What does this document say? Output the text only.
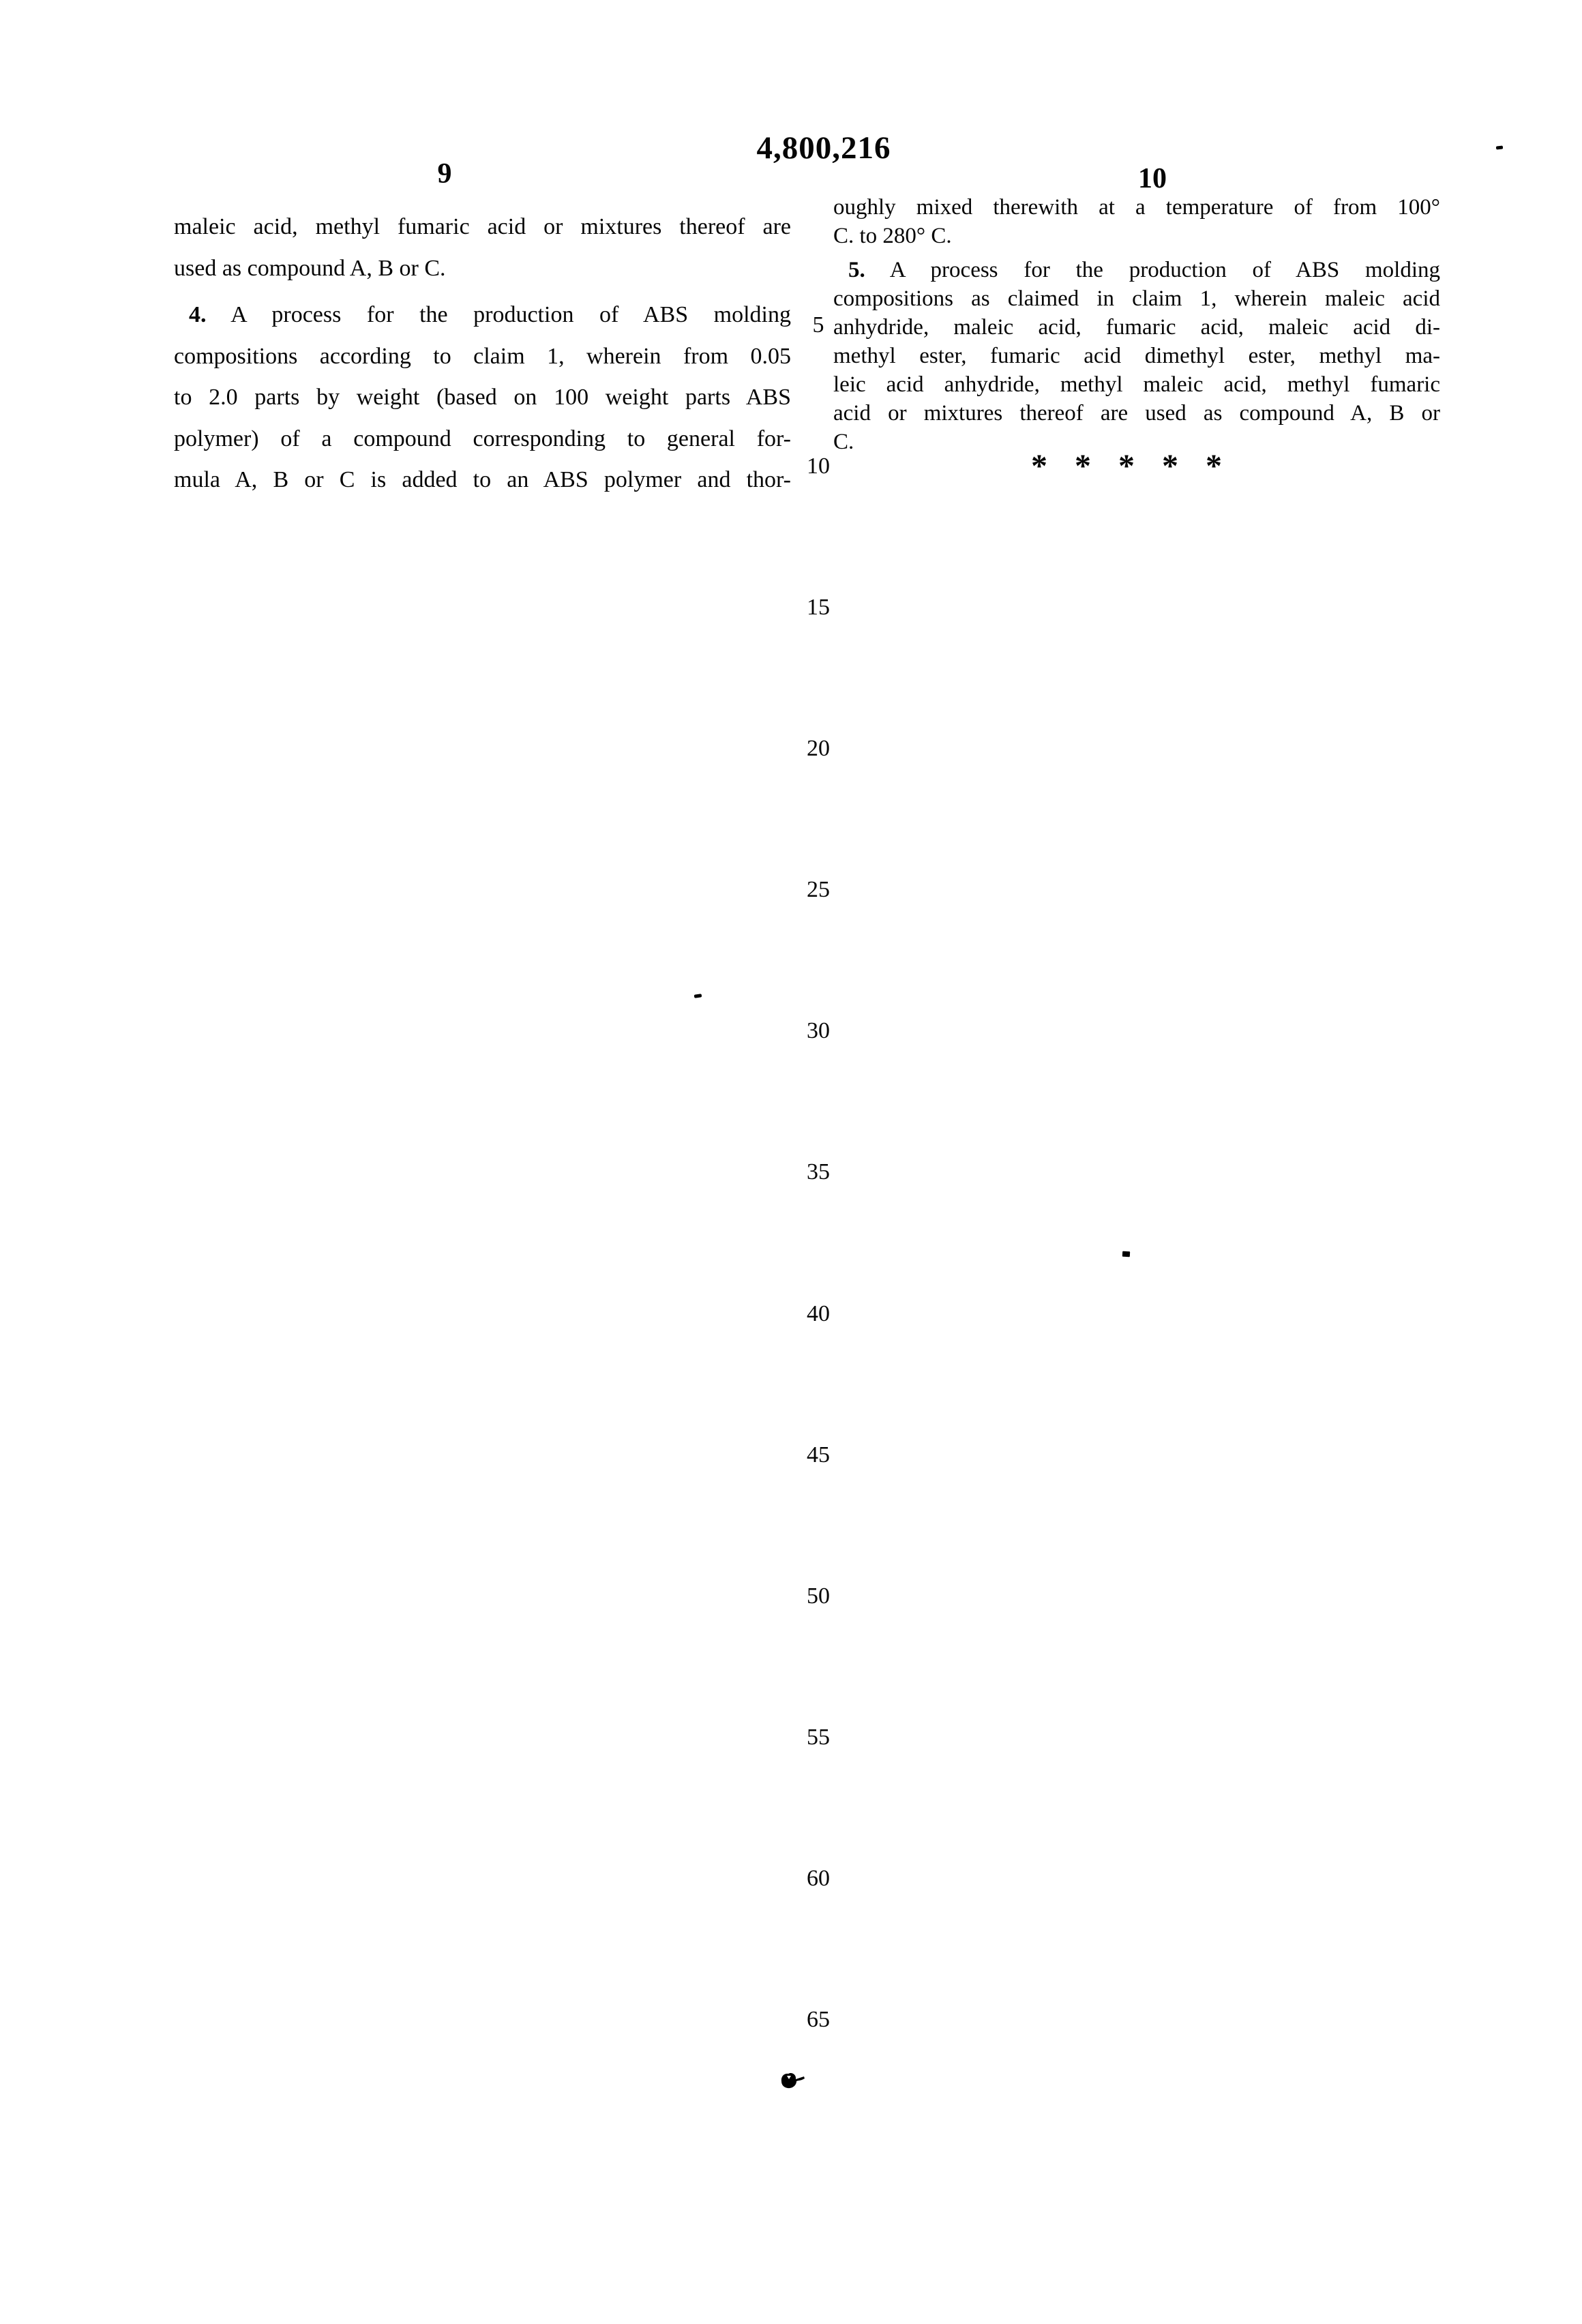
4,800,216
9	10
maleic acid, methyl fumaric acid or mixtures thereof are
used as compound A, B or C.
4. A process for the production of ABS molding
compositions according to claim 1, wherein from 0.05
to 2.0 parts by weight (based on 100 weight parts ABS
polymer) of a compound corresponding to general for-
mula A, B or C is added to an ABS polymer and thor-
oughly mixed therewith at a temperature of from 100°
C. to 280° C.
5. A process for the production of ABS molding
compositions as claimed in claim 1, wherein maleic acid
anhydride, maleic acid, fumaric acid, maleic acid di-
methyl ester, fumaric acid dimethyl ester, methyl ma-
leic acid anhydride, methyl maleic acid, methyl fumaric
acid or mixtures thereof are used as compound A, B or
C.
* * * * *
5
10
15
20
25
30
35
40
45
50
55
60
65
